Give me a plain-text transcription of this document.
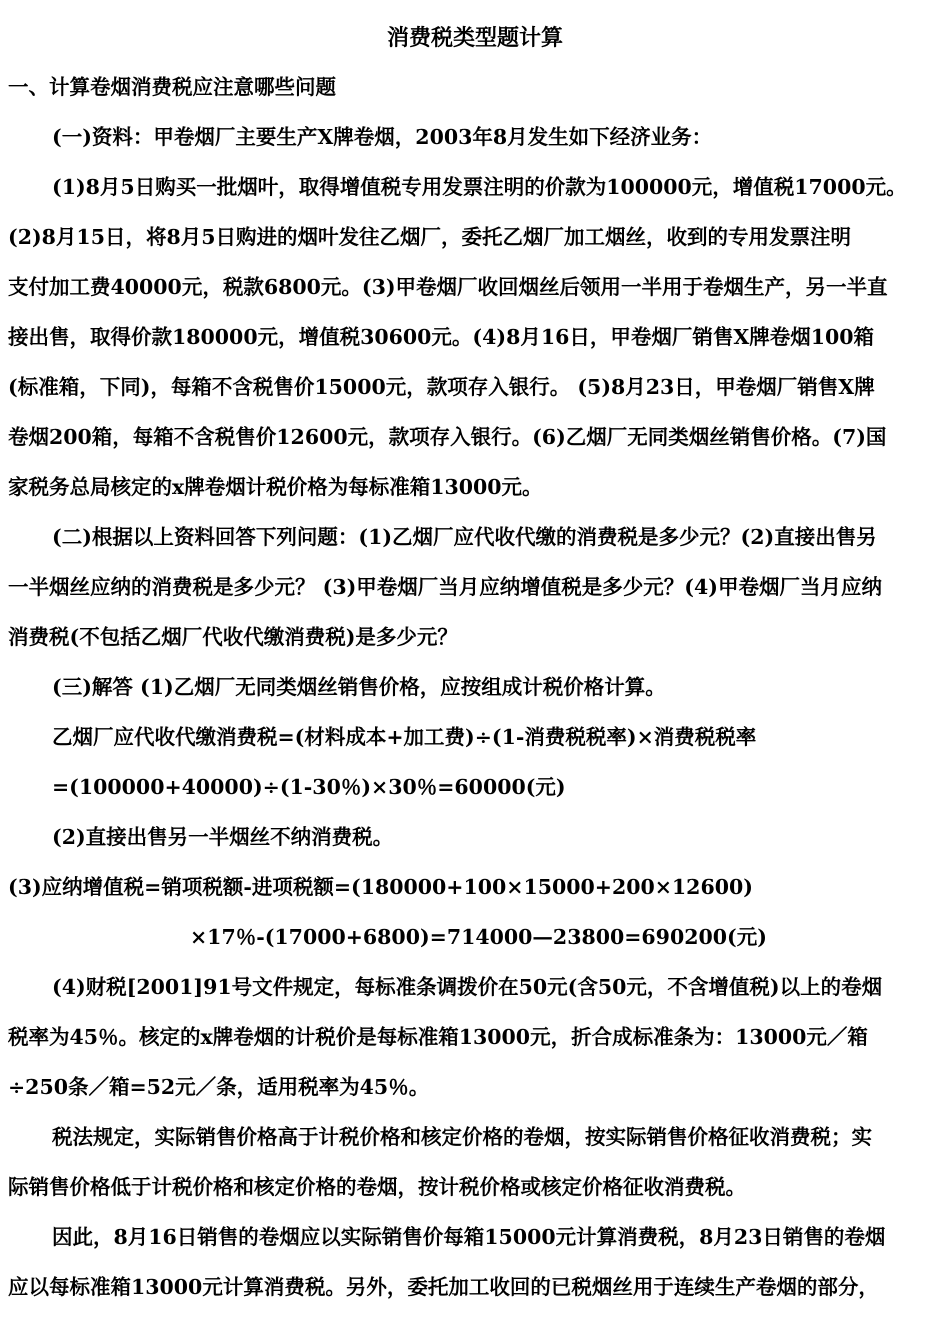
消费税类型题计算
一、计算卷烟消费税应注意哪些问题
(一)资料：甲卷烟厂主要生产X牌卷烟，2003年8月发生如下经济业务：
(1)8月5日购买一批烟叶，取得增值税专用发票注明的价款为100000元，增值税17000元。
(2)8月15日，将8月5日购进的烟叶发往乙烟厂，委托乙烟厂加工烟丝，收到的专用发票注明
支付加工费40000元，税款6800元。(3)甲卷烟厂收回烟丝后领用一半用于卷烟生产，另一半直
接出售，取得价款180000元，增值税30600元。(4)8月16日，甲卷烟厂销售X牌卷烟100箱
(标准箱，下同)，每箱不含税售价15000元，款项存入银行。 (5)8月23日，甲卷烟厂销售X牌
卷烟200箱，每箱不含税售价12600元，款项存入银行。(6)乙烟厂无同类烟丝销售价格。(7)国
家税务总局核定的x牌卷烟计税价格为每标准箱13000元。
(二)根据以上资料回答下列问题：(1)乙烟厂应代收代缴的消费税是多少元？(2)直接出售另
一半烟丝应纳的消费税是多少元？ (3)甲卷烟厂当月应纳增值税是多少元？(4)甲卷烟厂当月应纳
消费税(不包括乙烟厂代收代缴消费税)是多少元？
(三)解答 (1)乙烟厂无同类烟丝销售价格，应按组成计税价格计算。
乙烟厂应代收代缴消费税=(材料成本+加工费)÷(1-消费税税率)×消费税税率
=(100000+40000)÷(1-30％)×30％=60000(元)
(2)直接出售另一半烟丝不纳消费税。
(3)应纳增值税=销项税额-进项税额=(180000+100×15000+200×12600)
×17％-(17000+6800)=714000—23800=690200(元)
(4)财税[2001]91号文件规定，每标准条调拨价在50元(含50元，不含增值税)以上的卷烟
税率为45％。核定的x牌卷烟的计税价是每标准箱13000元，折合成标准条为：13000元／箱
÷250条／箱=52元／条，适用税率为45％。
税法规定，实际销售价格高于计税价格和核定价格的卷烟，按实际销售价格征收消费税；实
际销售价格低于计税价格和核定价格的卷烟，按计税价格或核定价格征收消费税。
因此，8月16日销售的卷烟应以实际销售价每箱15000元计算消费税，8月23日销售的卷烟
应以每标准箱13000元计算消费税。另外，委托加工收回的已税烟丝用于连续生产卷烟的部分，
